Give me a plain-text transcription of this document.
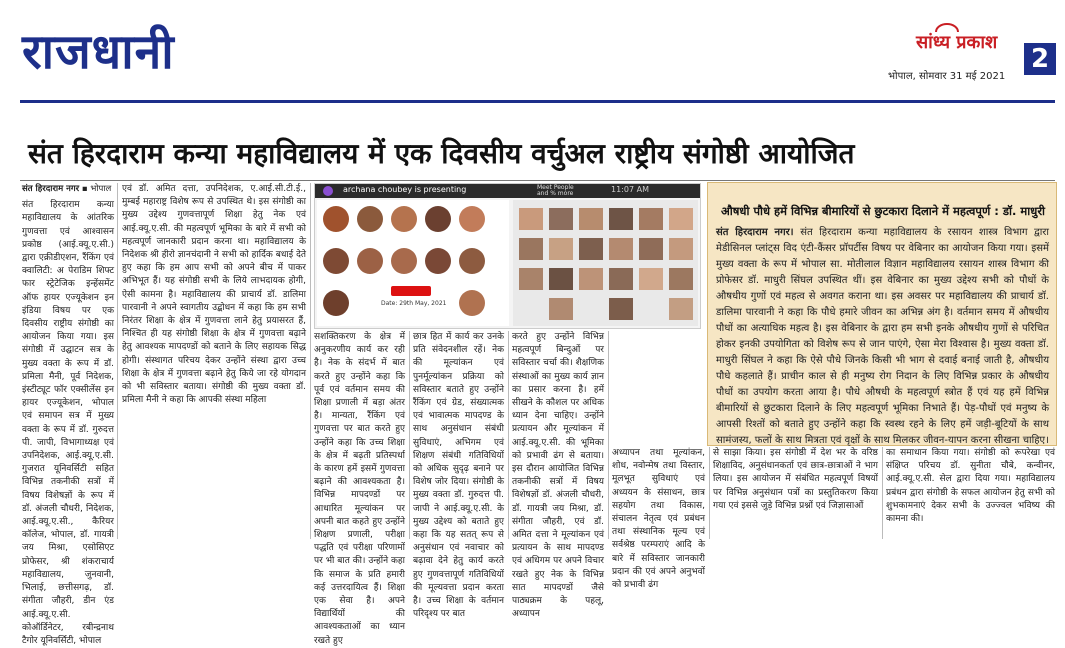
राजधानी	सांध्य प्रकाश
2
भोपाल, सोमवार 31 मई 2021
संत हिरदाराम कन्या महाविद्यालय में एक दिवसीय वर्चुअल राष्ट्रीय संगोष्ठी आयोजित
संत हिरदाराम नगर ▪ भोपाल
संत हिरदाराम कन्या महाविद्यालय के आंतरिक गुणवत्ता एवं आश्वासन प्रकोष्ठ (आई.क्यू.ए.सी.) द्वारा एक्रीडीएशन, रैंकिंग एवं क्वालिटी: अ पेराडिम शिफ्ट फार स्ट्रेटेजिक इन्हेंसमेंट ऑफ हायर एज्यूकेशन इन इंडिया विषय पर एक दिवसीय राष्ट्रीय संगोष्ठी का आयोजन किया गया। इस संगोष्ठी में उद्घाटन सत्र के मुख्य वक्ता के रूप में डॉ. प्रमिला मैनी, पूर्व निदेशक, इंस्टीट्यूट फॉर एक्सीलेंस इन हायर एज्यूकेशन, भोपाल एवं समापन सत्र में मुख्य वक्ता के रूप में डॉ. गुरुदत्त पी. जापी, विभागाध्यक्ष एवं उपनिदेशक, आई.क्यू.ए.सी. गुजरात यूनिवर्सिटी सहित विभिन्न तकनीकी सत्रों में विषय विशेषज्ञों के रूप में डॉ. अंजली चौधरी, निदेशक, आई.क्यू.ए.सी., कैरियर कॉलेज, भोपाल, डॉ. गायत्री जय मिश्रा, एसोसिएट प्रोफेसर, श्री शंकराचार्य महाविद्यालय, जुनवानी, भिलाई, छत्तीसगढ़, डॉ. संगीता जौहरी, डीन एंड आई.क्यू.ए.सी. कोऑर्डिनेटर, रबीन्द्रनाथ टैगोर यूनिवर्सिटी, भोपाल
एवं डॉ. अमित दत्ता, उपनिदेशक, ए.आई.सी.टी.ई., मुम्बई महाराष्ट्र विशेष रूप से उपस्थित थे। इस संगोष्ठी का मुख्य उद्देश्य गुणवत्तापूर्ण शिक्षा हेतु नेक एवं आई.क्यू.ए.सी. की महत्वपूर्ण भूमिका के बारे में सभी को महत्वपूर्ण जानकारी प्रदान करना था। महाविद्यालय के निदेशक श्री हीरो ज्ञानचंदानी ने सभी को हार्दिक बधाई देते हुए कहा कि हम आप सभी को अपने बीच में पाकर अभिभूत हैं। यह संगोष्ठी सभी के लिये लाभदायक होगी, ऐसी कामना है। महाविद्यालय की प्राचार्य डॉ. डालिमा पारवानी ने अपने स्वागतीय उद्बोधन में कहा कि हम सभी निरंतर शिक्षा के क्षेत्र में गुणवत्ता लाने हेतु प्रयासरत हैं, निश्चित ही यह संगोष्ठी शिक्षा के क्षेत्र में गुणवत्ता बढ़ाने हेतु आवश्यक मापदण्डों को बताने के लिए सहायक सिद्ध होगी। संस्थागत परिचय देकर उन्होंने संस्था द्वारा उच्च शिक्षा के क्षेत्र में गुणवत्ता बढ़ाने हेतु किये जा रहे योगदान को भी सविस्तार बताया। संगोष्ठी की मुख्य वक्ता डॉ. प्रमिला मैनी ने कहा कि आपकी संस्था महिला
archana choubey is presenting	Meet People and % more	11:07 AM
Date: 29th May, 2021
सशक्तिकरण के क्षेत्र में अनुकरणीय कार्य कर रही है। नेक के संदर्भ में बात करते हुए उन्होंने कहा कि पूर्व एवं वर्तमान समय की शिक्षा प्रणाली में बड़ा अंतर है। मान्यता, रैंकिंग एवं गुणवत्ता पर बात करते हुए उन्होंने कहा कि उच्च शिक्षा के क्षेत्र में बढ़ती प्रतिस्पर्धा के कारण हमें इसमें गुणवत्ता बढ़ाने की आवश्यकता है। विभिन्न मापदण्डों पर आधारित मूल्यांकन पर अपनी बात कहते हुए उन्होंने शिक्षण प्रणाली, परीक्षा पद्धति एवं परीक्षा परिणामों पर भी बात की। उन्होंने कहा कि समाज के प्रति हमारी कई उत्तरदायित्व हैं। शिक्षा एक सेवा है। अपने विद्यार्थियों की आवश्यकताओं का ध्यान रखते हुए
छात्र हित में कार्य कर उनके प्रति संवेदनशील रहें। नेक की मूल्यांकन एवं पुनर्मूल्यांकन प्रक्रिया को सविस्तार बताते हुए उन्होंने रैंकिंग एवं ग्रेड, संख्यात्मक एवं भावात्मक मापदण्ड के साथ अनुसंधान संबंधी सुविधाएं, अभिगम एवं शिक्षण संबंधी गतिविधियों को अधिक सुदृढ़ बनाने पर विशेष जोर दिया। संगोष्ठी के मुख्य वक्ता डॉ. गुरुदत्त पी. जापी ने आई.क्यू.ए.सी. के मुख्य उद्देश्य को बताते हुए कहा कि यह सतत् रूप से अनुसंधान एवं नवाचार को बढ़ावा देने हेतु कार्य करते हुए गुणवत्तापूर्ण गतिविधियों की मूल्यवत्ता प्रदान करता है। उच्च शिक्षा के वर्तमान परिदृश्य पर बात
करते हुए उन्होंने विभिन्न महत्वपूर्ण बिन्दुओं पर सविस्तार चर्चा की। शैक्षणिक संस्थाओं का मुख्य कार्य ज्ञान का प्रसार करना है। हमें सीखने के कौशल पर अधिक ध्यान देना चाहिए। उन्होंने प्रत्यायन और मूल्यांकन में आई.क्यू.ए.सी. की भूमिका को प्रभावी ढंग से बताया। इस दौरान आयोजित विभिन्न तकनीकी सत्रों में विषय विशेषज्ञों डॉ. अंजली चौधरी, डॉ. गायत्री जय मिश्रा, डॉ. संगीता जौहरी, एवं डॉ. अमित दत्ता ने मूल्यांकन एवं प्रत्यायन के साथ मापदण्ड एवं अधिगम पर अपने विचार रखते हुए नेक के विभिन्न सात मापदण्डों जैसे पाठ्यक्रम के पहलू, अध्यापन
अध्यापन तथा मूल्यांकन, शोध, नवोन्मेष तथा विस्तार, मूलभूत सुविधाएं एवं अध्ययन के संसाधन, छात्र सहयोग तथा विकास, संचालन नेतृत्व एवं प्रबंधन तथा संस्थानिक मूल्य एवं सर्वश्रेष्ठ परम्पराएं आदि के बारे में सविस्तार जानकारी प्रदान की एवं अपने अनुभवों को प्रभावी ढंग
से साझा किया। इस संगोष्ठी में देश भर के वरिष्ठ शिक्षाविद, अनुसंधानकर्ता एवं छात्र-छात्राओं ने भाग लिया। इस आयोजन में संबंधित महत्वपूर्ण विषयों पर विभिन्न अनुसंधान पत्रों का प्रस्तुतिकरण किया गया एवं इससे जुड़े विभिन्न प्रश्नों एवं जिज्ञासाओं
का समाधान किया गया। संगोष्ठी को रूपरेखा एवं संक्षिप्त परिचय डॉ. सुनीता चौबे, कन्वीनर, आई.क्यू.ए.सी. सेल द्वारा दिया गया। महाविद्यालय प्रबंधन द्वारा संगोष्ठी के सफल आयोजन हेतु सभी को शुभकामनाएं देकर सभी के उज्ज्वल भविष्य की कामना की।
औषधी पौधे हमें विभिन्न बीमारियों से छुटकारा दिलाने में महत्वपूर्ण : डॉ. माधुरी
संत हिरदाराम नगर। संत हिरदाराम कन्या महाविद्यालय के रसायन शास्त्र विभाग द्वारा मेडीसिनल प्लांट्स विद एंटी-कैंसर प्रॉपर्टीस विषय पर वेबिनार का आयोजन किया गया। इसमें मुख्य वक्ता के रूप में भोपाल सा. मोतीलाल विज्ञान महाविद्यालय रसायन शास्त्र विभाग की प्रोफेसर डॉ. माधुरी सिंघल उपस्थित थीं। इस वेबिनार का मुख्य उद्देश्य सभी को पौधों के औषधीय गुणों एवं महत्व से अवगत कराना था। इस अवसर पर महाविद्यालय की प्राचार्य डॉ. डालिमा पारवानी ने कहा कि पौधे हमारे जीवन का अभिन्न अंग है। वर्तमान समय में औषधीय पौधों का अत्याधिक महत्व है। इस वेबिनार के द्वारा हम सभी इनके औषधीय गुणों से परिचित होकर इनकी उपयोगिता को विशेष रूप से जान पाएंगे, ऐसा मेरा विश्वास है। मुख्य वक्ता डॉ. माधुरी सिंघल ने कहा कि ऐसे पौधे जिनके किसी भी भाग से दवाई बनाई जाती है, औषधीय पौधे कहलाते हैं। प्राचीन काल से ही मनुष्य रोग निदान के लिए विभिन्न प्रकार के औषधीय पौधों का उपयोग करता आया है। पौधे औषधी के महत्वपूर्ण स्त्रोत हैं एवं यह हमें विभिन्न बीमारियों से छुटकारा दिलाने के लिए महत्वपूर्ण भूमिका निभाते हैं। पेड़-पौधों एवं मनुष्य के आपसी रिश्तों को बताते हुए उन्होंने कहा कि स्वस्थ रहने के लिए हमें जड़ी-बूटियों के साथ सामंजस्य, फलों के साथ मित्रता एवं वृक्षों के साथ मिलकर जीवन-यापन करना सीखना चाहिए।
